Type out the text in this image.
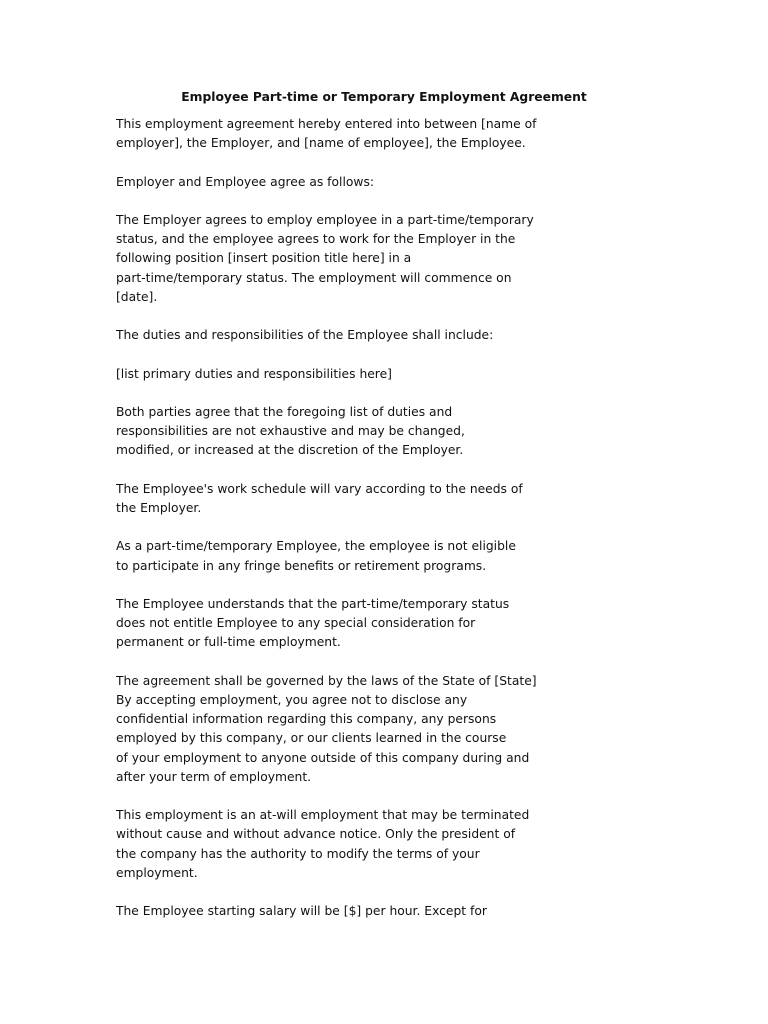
Employee Part-time or Temporary Employment Agreement
This employment agreement hereby entered into between [name of
employer], the Employer, and [name of employee], the Employee.
Employer and Employee agree as follows:
The Employer agrees to employ employee in a part-time/temporary
status, and the employee agrees to work for the Employer in the
following position [insert position title here] in a
part-time/temporary status. The employment will commence on
[date].
The duties and responsibilities of the Employee shall include:
[list primary duties and responsibilities here]
Both parties agree that the foregoing list of duties and
responsibilities are not exhaustive and may be changed,
modified, or increased at the discretion of the Employer.
The Employee's work schedule will vary according to the needs of
the Employer.
As a part-time/temporary Employee, the employee is not eligible
to participate in any fringe benefits or retirement programs.
The Employee understands that the part-time/temporary status
does not entitle Employee to any special consideration for
permanent or full-time employment.
The agreement shall be governed by the laws of the State of [State]
By accepting employment, you agree not to disclose any
confidential information regarding this company, any persons
employed by this company, or our clients learned in the course
of your employment to anyone outside of this company during and
after your term of employment.
This employment is an at-will employment that may be terminated
without cause and without advance notice. Only the president of
the company has the authority to modify the terms of your
employment.
The Employee starting salary will be [$] per hour. Except for
